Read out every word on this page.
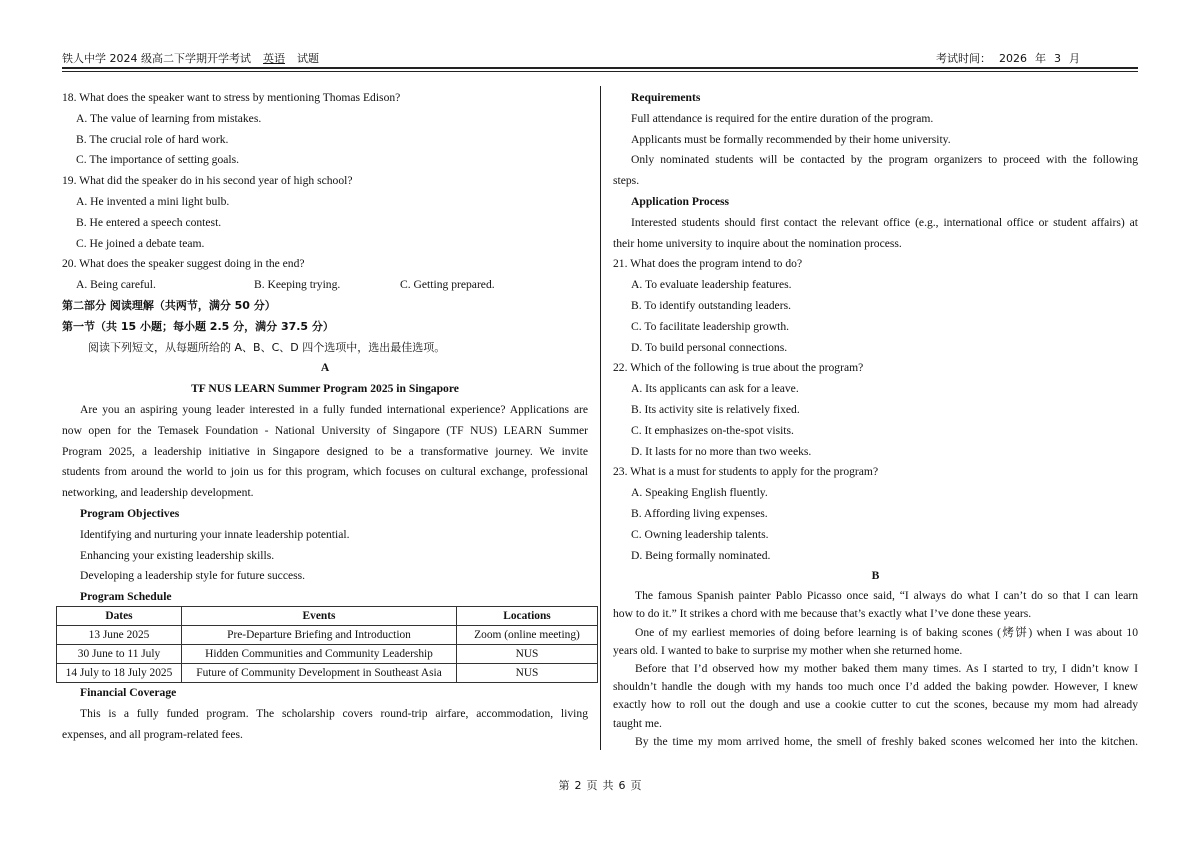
铁人中学 2024 级高二下学期开学考试 英语 试题	考试时间： 2026 年 3 月
18. What does the speaker want to stress by mentioning Thomas Edison?
A. The value of learning from mistakes.
B. The crucial role of hard work.
C. The importance of setting goals.
19. What did the speaker do in his second year of high school?
A. He invented a mini light bulb.
B. He entered a speech contest.
C. He joined a debate team.
20. What does the speaker suggest doing in the end?
A. Being careful.	B. Keeping trying.	C. Getting prepared.
第二部分 阅读理解（共两节，满分 50 分）
第一节（共 15 小题；每小题 2.5 分，满分 37.5 分）
阅读下列短文，从每题所给的 A、B、C、D 四个选项中，选出最佳选项。
A
TF NUS LEARN Summer Program 2025 in Singapore
Are you an aspiring young leader interested in a fully funded international experience? Applications are
now open for the Temasek Foundation - National University of Singapore (TF NUS) LEARN Summer
Program 2025, a leadership initiative in Singapore designed to be a transformative journey. We invite
students from around the world to join us for this program, which focuses on cultural exchange, professional
networking, and leadership development.
Program Objectives
Identifying and nurturing your innate leadership potential.
Enhancing your existing leadership skills.
Developing a leadership style for future success.
Program Schedule
Dates	Events	Locations
13 June 2025	Pre-Departure Briefing and Introduction	Zoom (online meeting)
30 June to 11 July	Hidden Communities and Community Leadership	NUS
14 July to 18 July 2025	Future of Community Development in Southeast Asia	NUS
Financial Coverage
This is a fully funded program. The scholarship covers round-trip airfare, accommodation, living
expenses, and all program-related fees.
Requirements
Full attendance is required for the entire duration of the program.
Applicants must be formally recommended by their home university.
Only nominated students will be contacted by the program organizers to proceed with the following
steps.
Application Process
Interested students should first contact the relevant office (e.g., international office or student affairs) at
their home university to inquire about the nomination process.
21. What does the program intend to do?
A. To evaluate leadership features.
B. To identify outstanding leaders.
C. To facilitate leadership growth.
D. To build personal connections.
22. Which of the following is true about the program?
A. Its applicants can ask for a leave.
B. Its activity site is relatively fixed.
C. It emphasizes on-the-spot visits.
D. It lasts for no more than two weeks.
23. What is a must for students to apply for the program?
A. Speaking English fluently.
B. Affording living expenses.
C. Owning leadership talents.
D. Being formally nominated.
B
The famous Spanish painter Pablo Picasso once said, “I always do what I can’t do so that I can learn
how to do it.” It strikes a chord with me because that’s exactly what I’ve done these years.
One of my earliest memories of doing before learning is of baking scones (烤饼) when I was about 10
years old. I wanted to bake to surprise my mother when she returned home.
Before that I’d observed how my mother baked them many times. As I started to try, I didn’t know I
shouldn’t handle the dough with my hands too much once I’d added the baking powder. However, I knew
exactly how to roll out the dough and use a cookie cutter to cut the scones, because my mom had already
taught me.
By the time my mom arrived home, the smell of freshly baked scones welcomed her into the kitchen.
第 2 页 共 6 页
